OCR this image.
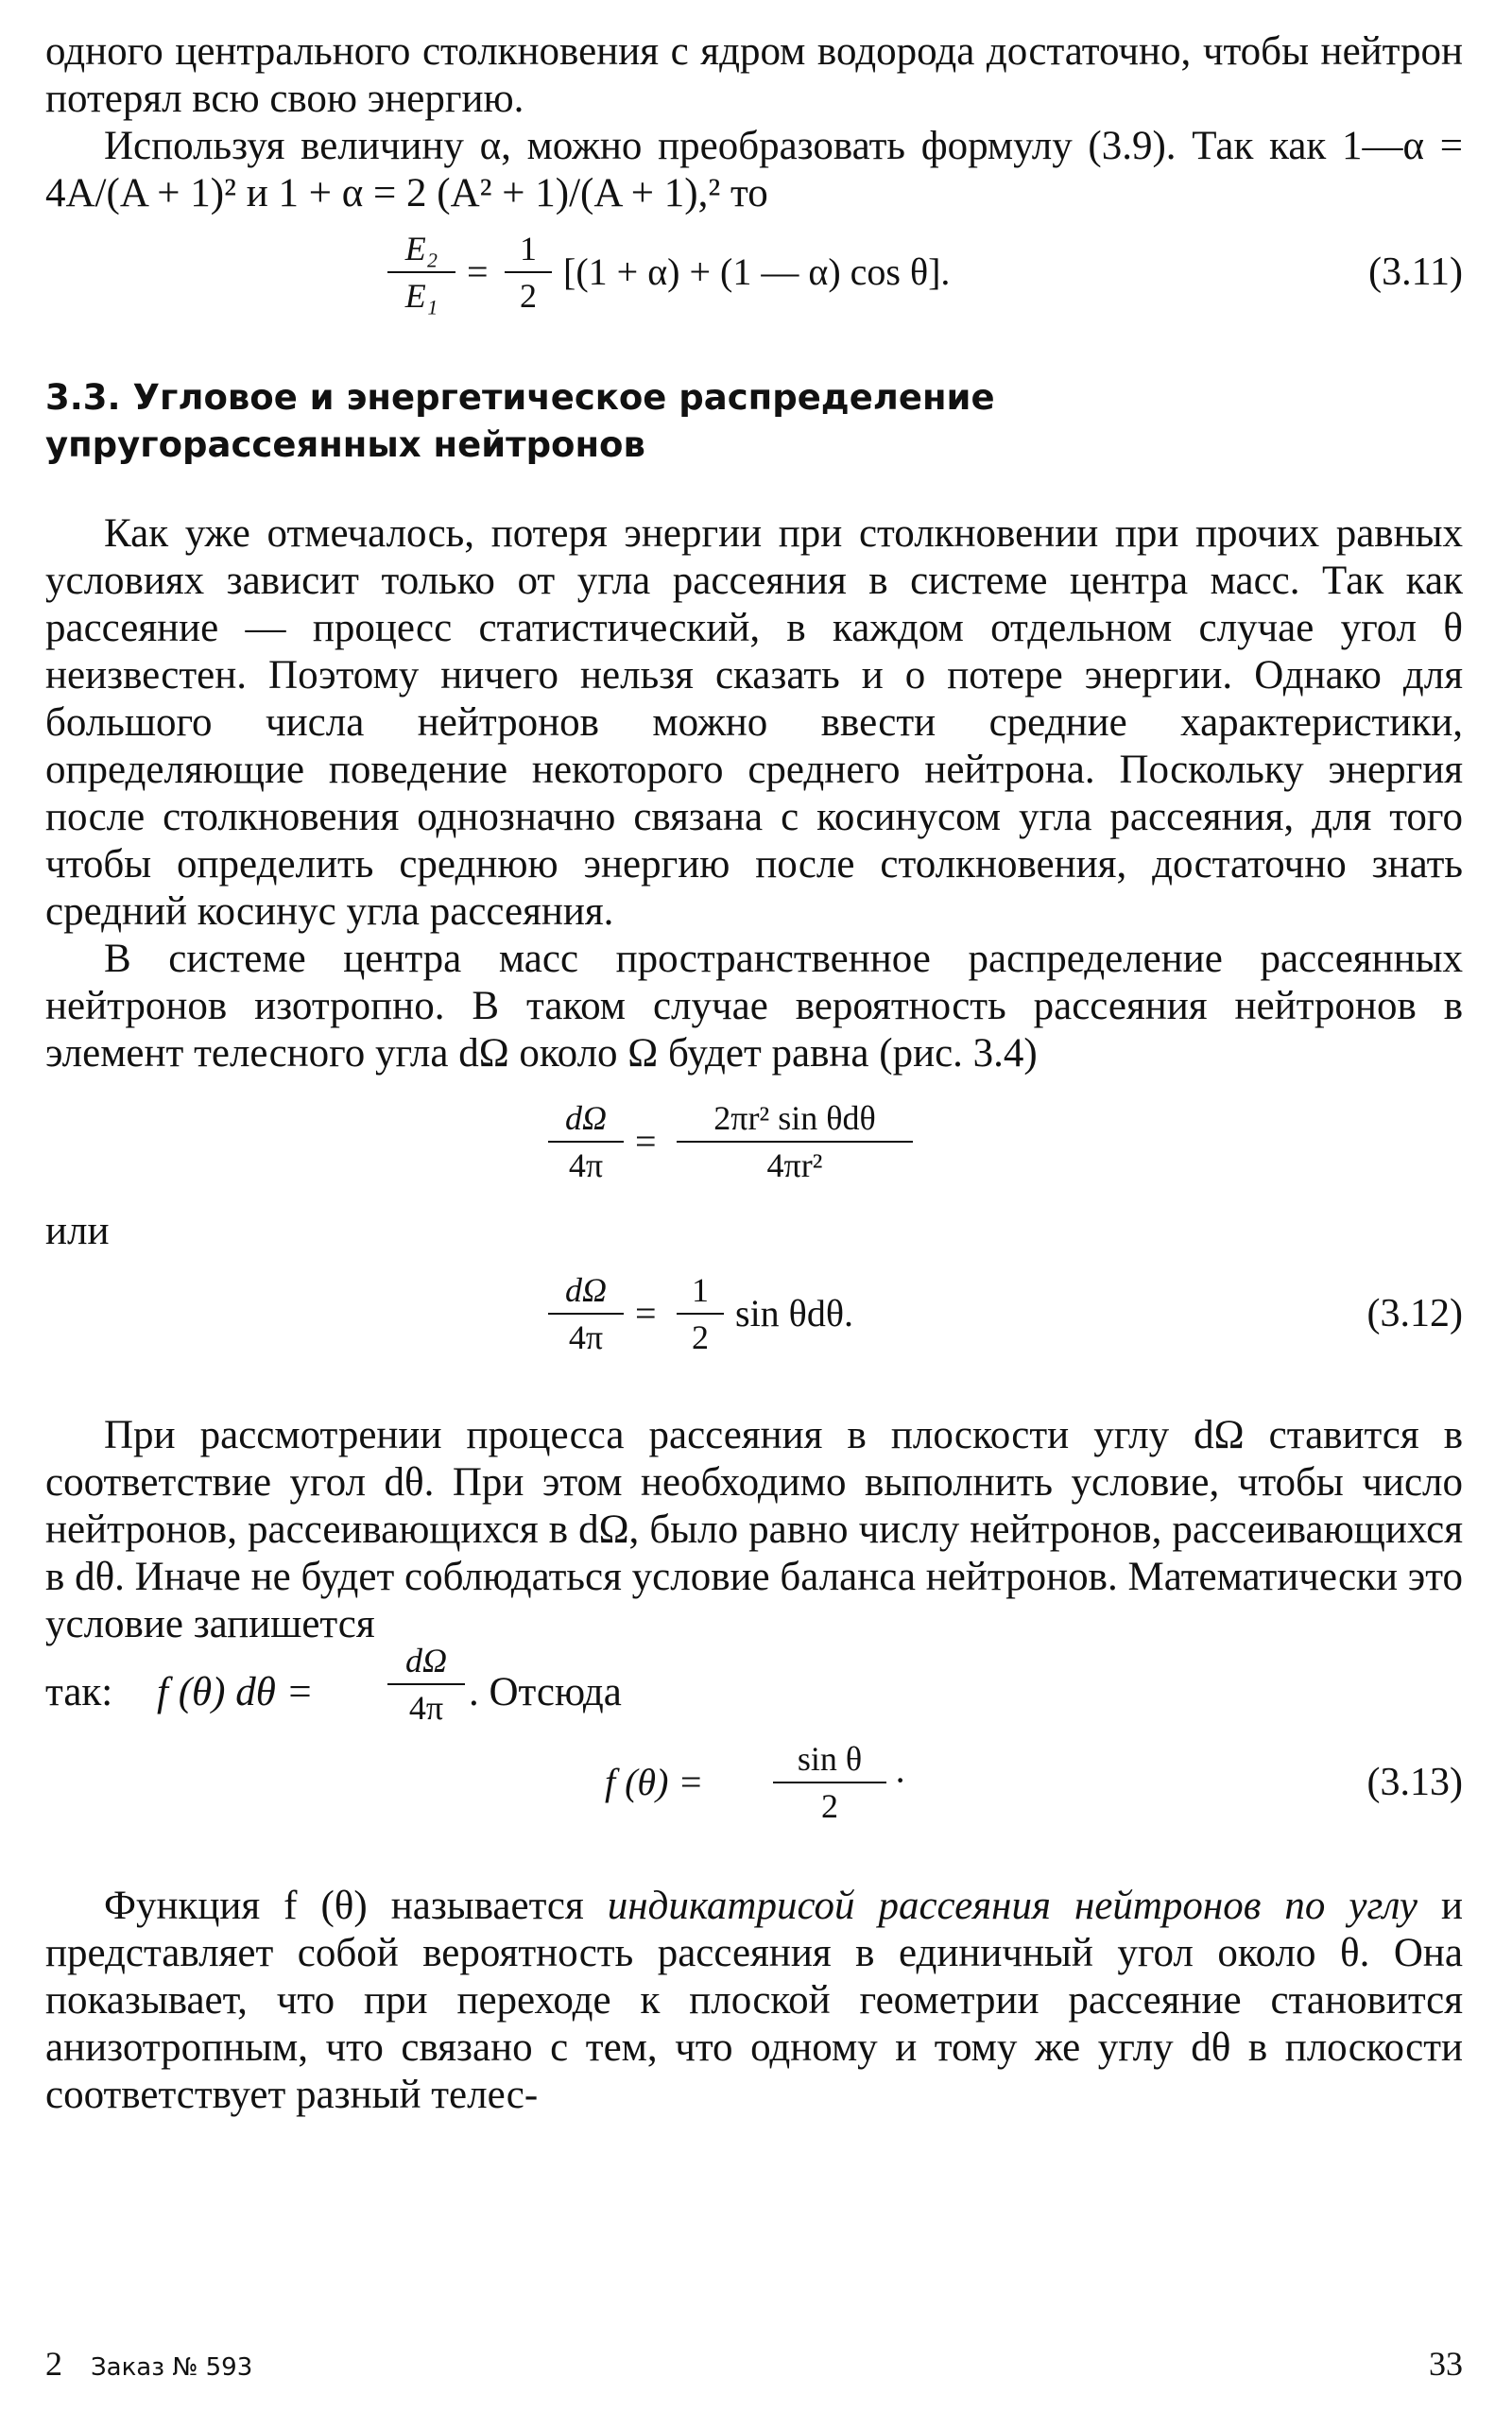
одного центрального столкновения с ядром водорода достаточно, чтобы нейтрон потерял всю свою энергию.

Используя величину α, можно преобразовать формулу (3.9). Так как 1—α = 4A/(A + 1)² и 1 + α = 2 (A² + 1)/(A + 1),² то

E₂
E₁
=
1
2
[(1 + α) + (1 — α) cos θ].	(3.11)
3.3. Угловое и энергетическое распределение
упругорассеянных нейтронов

Как уже отмечалось, потеря энергии при столкновении при прочих равных условиях зависит только от угла рассеяния в системе центра масс. Так как рассеяние — процесс статистический, в каждом отдельном случае угол θ неизвестен. Поэтому ничего нельзя сказать и о потере энергии. Однако для большого числа нейтронов можно ввести средние характеристики, определяющие поведение некоторого среднего нейтрона. Поскольку энергия после столкновения однозначно связана с косинусом угла рассеяния, для того чтобы определить среднюю энергию после столкновения, достаточно знать средний косинус угла рассеяния.

В системе центра масс пространственное распределение рассеянных нейтронов изотропно. В таком случае вероятность рассеяния нейтронов в элемент телесного угла dΩ около Ω будет равна (рис. 3.4)

dΩ
4π
=
2πr² sin θdθ
4πr²

или

dΩ
4π
=
1
2
sin θdθ.	(3.12)

При рассмотрении процесса рассеяния в плоскости углу dΩ ставится в соответствие угол dθ. При этом необходимо выполнить условие, чтобы число нейтронов, рассеивающихся в dΩ, было равно числу нейтронов, рассеивающихся в dθ. Иначе не будет соблюдаться условие баланса нейтронов. Математически это условие запишется

так: f (θ) dθ =
dΩ
4π . Отсюда
f (θ) =
sin θ
2
·	(3.13)

Функция f (θ) называется индикатрисой рассеяния нейтронов по углу и представляет собой вероятность рассеяния в единичный угол около θ. Она показывает, что при переходе к плоской геометрии рассеяние становится анизотропным, что связано с тем, что одному и тому же углу dθ в плоскости соответствует разный телес-

2 Заказ № 593	33
